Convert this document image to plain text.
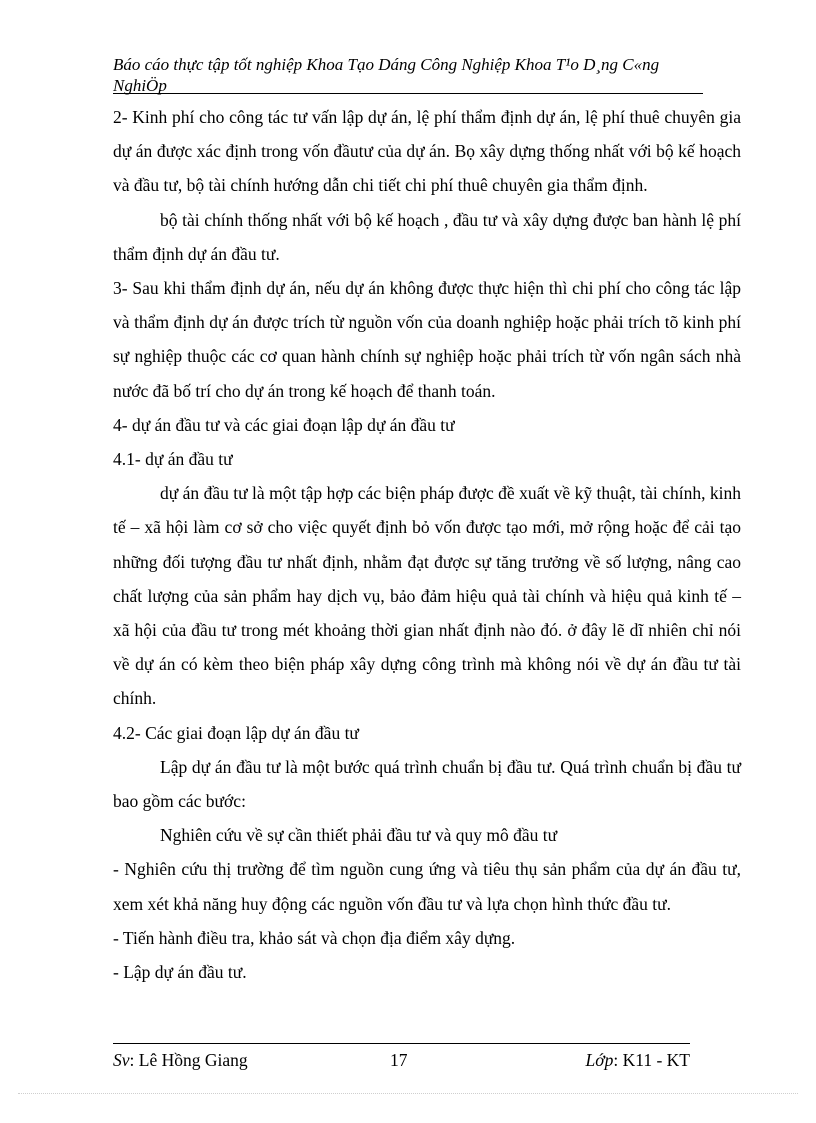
Báo cáo thực tập tốt nghiệp Khoa Tạo Dáng Công Nghiệp Khoa T¹o D¸ng C«ng NghiÖp

2- Kinh phí cho công tác tư vấn lập dự án, lệ phí thẩm định dự án, lệ phí thuê chuyên gia dự án được xác định trong vốn đầutư của dự án. Bọ xây dựng thống nhất với bộ kế hoạch và đầu tư, bộ tài chính hướng dẫn chi tiết chi phí thuê chuyên gia thẩm định.

bộ tài chính thống nhất với bộ kế hoạch , đầu tư và xây dựng được ban hành lệ phí thẩm định dự án đầu tư.

3- Sau khi thẩm định dự án, nếu dự án không được thực hiện thì chi phí cho công tác lập và thẩm định dự án được trích từ nguồn vốn của doanh nghiệp hoặc phải trích tõ kinh phí sự nghiệp thuộc các cơ quan hành chính sự nghiệp hoặc phải trích từ vốn ngân sách nhà nước đã bố trí cho dự án trong kế hoạch để thanh toán.

4- dự án đầu tư và các giai đoạn lập dự án đầu tư

4.1- dự án đầu tư

dự án đầu tư là một tập hợp các biện pháp được đề xuất về kỹ thuật, tài chính, kinh tế – xã hội làm cơ sở cho việc quyết định bỏ vốn được tạo mới, mở rộng hoặc để cải tạo những đối tượng đầu tư nhất định, nhằm đạt được sự tăng trưởng về số lượng, nâng cao chất lượng của sản phẩm hay dịch vụ, bảo đảm hiệu quả tài chính và hiệu quả kinh tế – xã hội của đầu tư trong mét khoảng thời gian nhất định nào đó. ở đây lẽ dĩ nhiên chỉ nói về dự án có kèm theo biện pháp xây dựng công trình mà không nói về dự án đầu tư tài chính.

4.2- Các giai đoạn lập dự án đầu tư

Lập dự án đầu tư là một bước quá trình chuẩn bị đầu tư. Quá trình chuẩn bị đầu tư bao gồm các bước:

Nghiên cứu về sự cần thiết phải đầu tư và quy mô đầu tư

- Nghiên cứu thị trường để tìm nguồn cung ứng và tiêu thụ sản phẩm của dự án đầu tư, xem xét khả năng huy động các nguồn vốn đầu tư và lựa chọn hình thức đầu tư.

- Tiến hành điều tra, khảo sát và chọn địa điểm xây dựng.

- Lập dự án đầu tư.

Sv: Lê Hồng Giang	17	Lớp: K11 - KT
